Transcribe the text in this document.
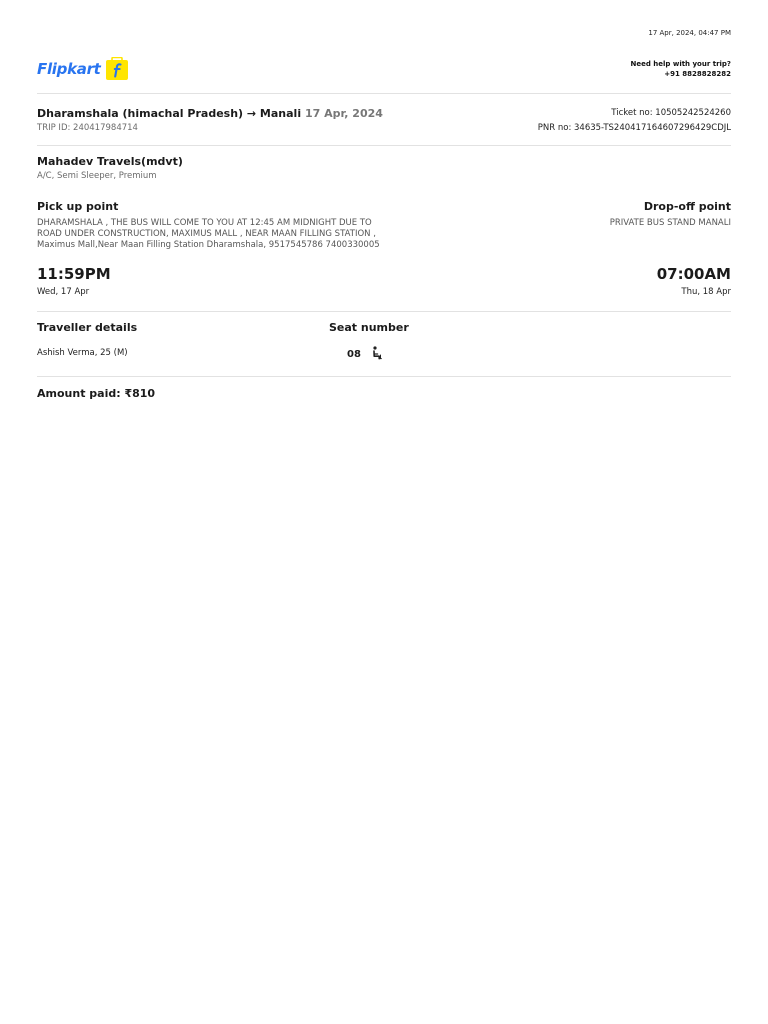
17 Apr, 2024, 04:47 PM
Flipkart	Need help with your trip?
+91 8828828282
Dharamshala (himachal Pradesh) → Manali 17 Apr, 2024
TRIP ID: 240417984714
Ticket no: 10505242524260
PNR no: 34635-TS240417164607296429CDJL
Mahadev Travels(mdvt)
A/C, Semi Sleeper, Premium
Pick up point	Drop-off point
DHARAMSHALA , THE BUS WILL COME TO YOU AT 12:45 AM MIDNIGHT DUE TO ROAD UNDER CONSTRUCTION, MAXIMUS MALL , NEAR MAAN FILLING STATION , Maximus Mall,Near Maan Filling Station Dharamshala, 9517545786 7400330005
PRIVATE BUS STAND MANALI
11:59PM	07:00AM
Wed, 17 Apr	Thu, 18 Apr
Traveller details	Seat number
Ashish Verma, 25 (M)	08
Amount paid: ₹810
